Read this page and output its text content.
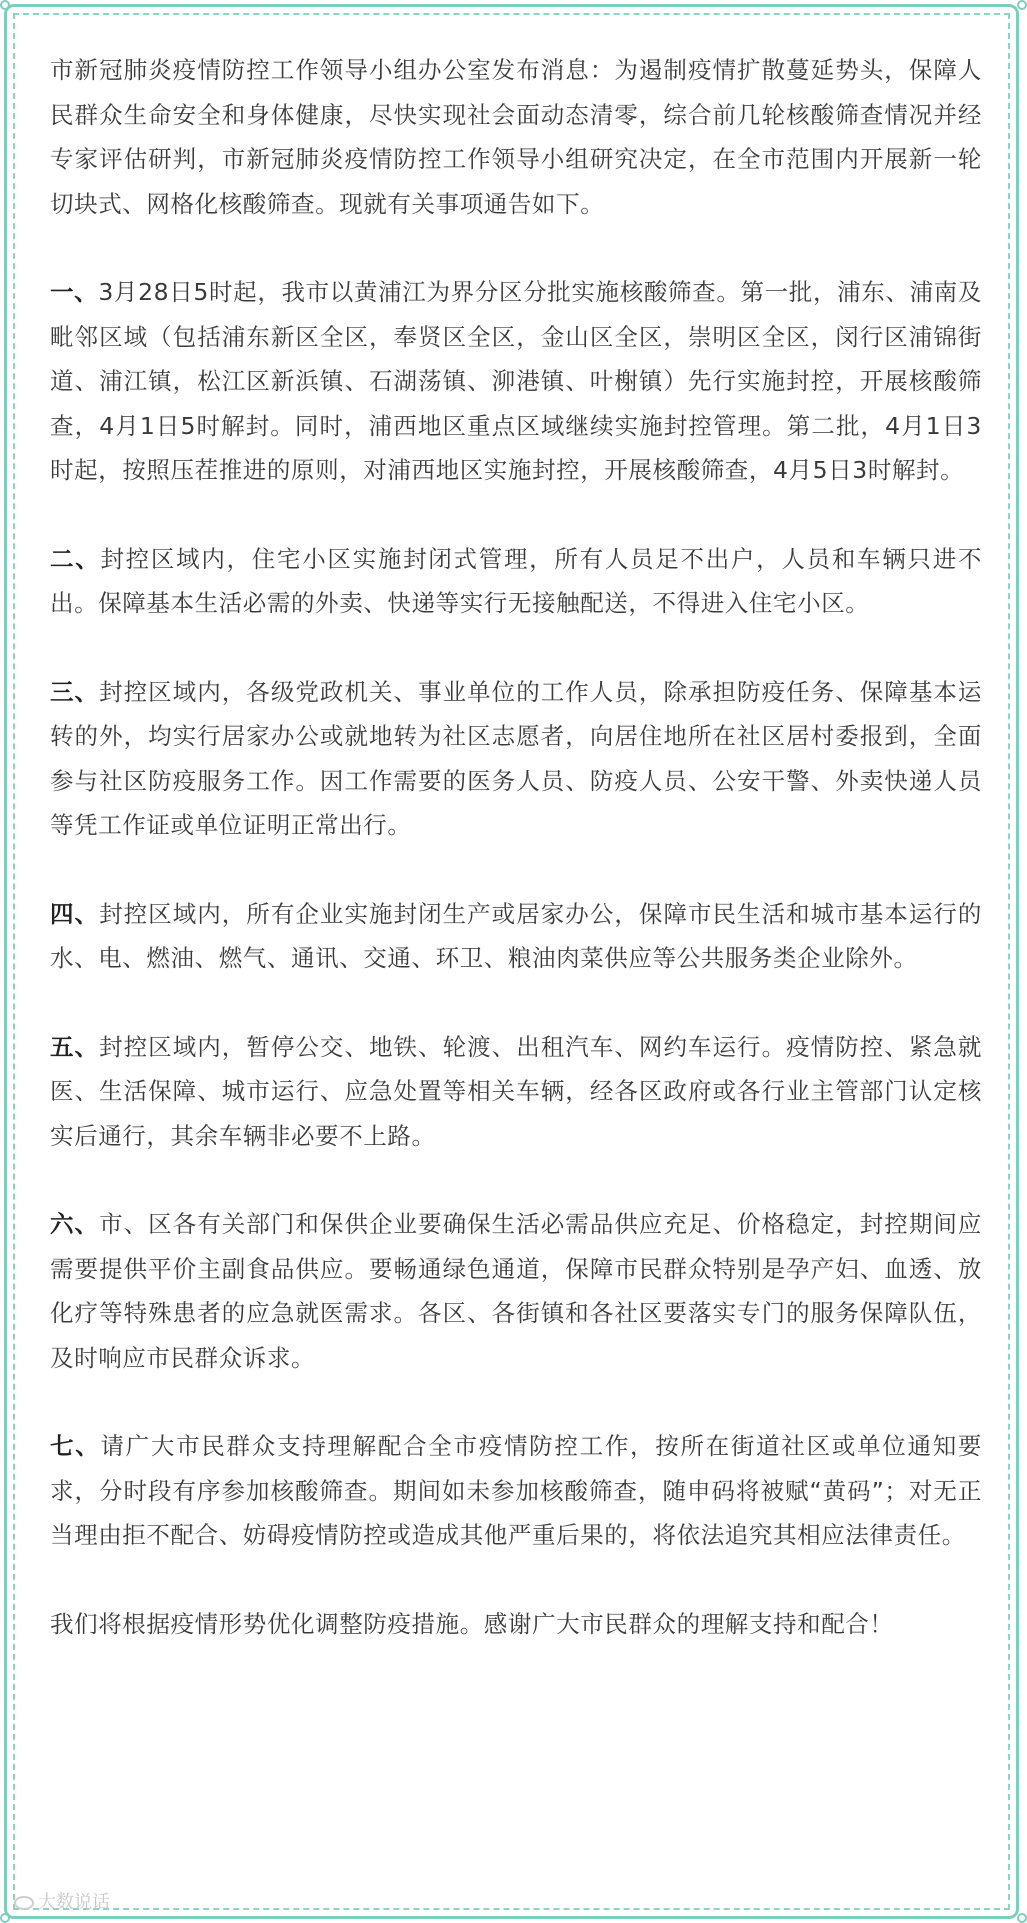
市新冠肺炎疫情防控工作领导小组办公室发布消息：为遏制疫情扩散蔓延势头，保障人民群众生命安全和身体健康，尽快实现社会面动态清零，综合前几轮核酸筛查情况并经专家评估研判，市新冠肺炎疫情防控工作领导小组研究决定，在全市范围内开展新一轮切块式、网格化核酸筛查。现就有关事项通告如下。

一、3月28日5时起，我市以黄浦江为界分区分批实施核酸筛查。第一批，浦东、浦南及毗邻区域（包括浦东新区全区，奉贤区全区，金山区全区，崇明区全区，闵行区浦锦街道、浦江镇，松江区新浜镇、石湖荡镇、泖港镇、叶榭镇）先行实施封控，开展核酸筛查，4月1日5时解封。同时，浦西地区重点区域继续实施封控管理。第二批，4月1日3时起，按照压茬推进的原则，对浦西地区实施封控，开展核酸筛查，4月5日3时解封。

二、封控区域内，住宅小区实施封闭式管理，所有人员足不出户，人员和车辆只进不出。保障基本生活必需的外卖、快递等实行无接触配送，不得进入住宅小区。

三、封控区域内，各级党政机关、事业单位的工作人员，除承担防疫任务、保障基本运转的外，均实行居家办公或就地转为社区志愿者，向居住地所在社区居村委报到，全面参与社区防疫服务工作。因工作需要的医务人员、防疫人员、公安干警、外卖快递人员等凭工作证或单位证明正常出行。

四、封控区域内，所有企业实施封闭生产或居家办公，保障市民生活和城市基本运行的水、电、燃油、燃气、通讯、交通、环卫、粮油肉菜供应等公共服务类企业除外。

五、封控区域内，暂停公交、地铁、轮渡、出租汽车、网约车运行。疫情防控、紧急就医、生活保障、城市运行、应急处置等相关车辆，经各区政府或各行业主管部门认定核实后通行，其余车辆非必要不上路。

六、市、区各有关部门和保供企业要确保生活必需品供应充足、价格稳定，封控期间应需要提供平价主副食品供应。要畅通绿色通道，保障市民群众特别是孕产妇、血透、放化疗等特殊患者的应急就医需求。各区、各街镇和各社区要落实专门的服务保障队伍，及时响应市民群众诉求。

七、请广大市民群众支持理解配合全市疫情防控工作，按所在街道社区或单位通知要求，分时段有序参加核酸筛查。期间如未参加核酸筛查，随申码将被赋“黄码”；对无正当理由拒不配合、妨碍疫情防控或造成其他严重后果的，将依法追究其相应法律责任。

我们将根据疫情形势优化调整防疫措施。感谢广大市民群众的理解支持和配合！

大数说话
